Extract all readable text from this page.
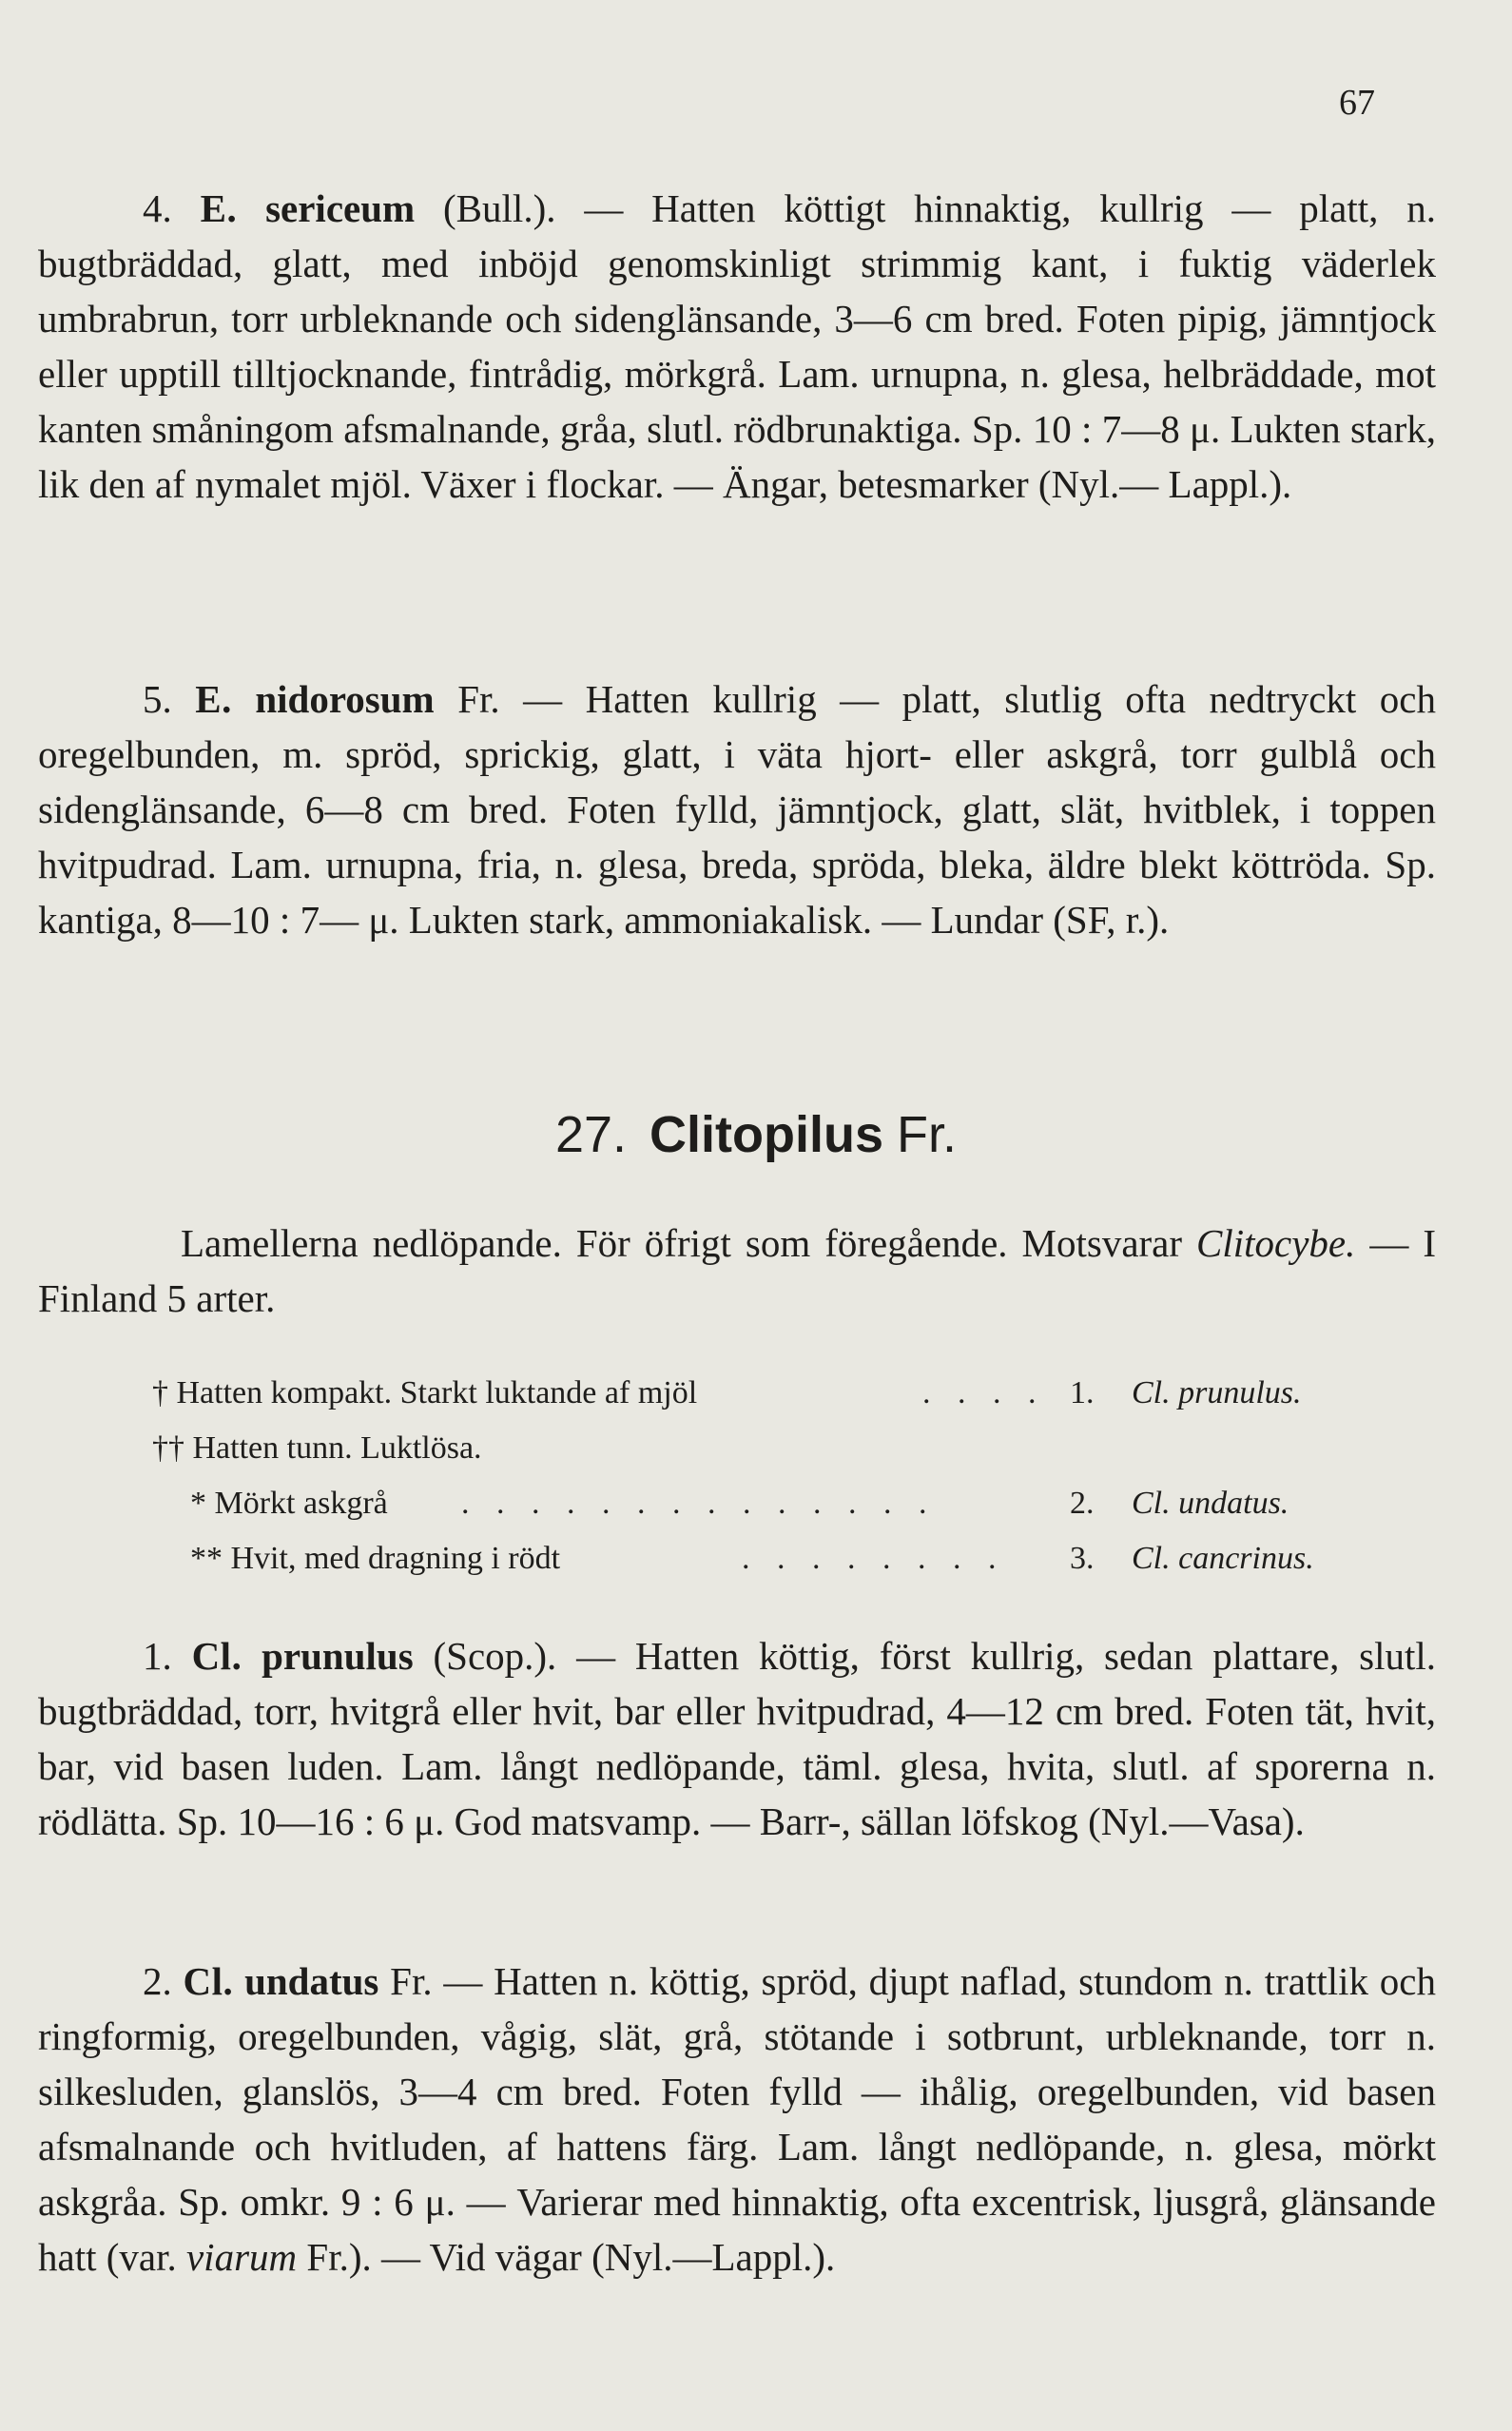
67
4. E. sericeum (Bull.). — Hatten köttigt hinnaktig, kullrig — platt, n. bugtbräddad, glatt, med inböjd genomskinligt strimmig kant, i fuktig väderlek umbrabrun, torr urbleknande och sidenglänsande, 3—6 cm bred. Foten pipig, jämntjock eller upptill tilltjocknande, fintrådig, mörkgrå. Lam. urnupna, n. glesa, helbräddade, mot kanten småningom afsmalnande, gråa, slutl. rödbrunaktiga. Sp. 10 : 7—8 μ. Lukten stark, lik den af nymalet mjöl. Växer i flockar. — Ängar, betesmarker (Nyl.— Lappl.).
5. E. nidorosum Fr. — Hatten kullrig — platt, slutlig ofta nedtryckt och oregelbunden, m. spröd, sprickig, glatt, i väta hjort- eller askgrå, torr gulblå och sidenglänsande, 6—8 cm bred. Foten fylld, jämntjock, glatt, slät, hvitblek, i toppen hvitpudrad. Lam. urnupna, fria, n. glesa, breda, spröda, bleka, äldre blekt köttröda. Sp. kantiga, 8—10 : 7— μ. Lukten stark, ammoniakalisk. — Lundar (SF, r.).
27. Clitopilus Fr.
Lamellerna nedlöpande. För öfrigt som föregående. Motsvarar Clitocybe. — I Finland 5 arter.
† Hatten kompakt. Starkt luktande af mjöl	. . . . 1. Cl. prunulus.
†† Hatten tunn. Luktlösa.
* Mörkt askgrå . . . . . . . . . . . . . .	2. Cl. undatus.
** Hvit, med dragning i rödt	. . . . . . . . 3. Cl. cancrinus.
1. Cl. prunulus (Scop.). — Hatten köttig, först kullrig, sedan plattare, slutl. bugtbräddad, torr, hvitgrå eller hvit, bar eller hvitpudrad, 4—12 cm bred. Foten tät, hvit, bar, vid basen luden. Lam. långt nedlöpande, täml. glesa, hvita, slutl. af sporerna n. rödlätta. Sp. 10—16 : 6 μ. God matsvamp. — Barr-, sällan löfskog (Nyl.—Vasa).
2. Cl. undatus Fr. — Hatten n. köttig, spröd, djupt naflad, stundom n. trattlik och ringformig, oregelbunden, vågig, slät, grå, stötande i sotbrunt, urbleknande, torr n. silkesluden, glanslös, 3—4 cm bred. Foten fylld — ihålig, oregelbunden, vid basen afsmalnande och hvitluden, af hattens färg. Lam. långt nedlöpande, n. glesa, mörkt askgråa. Sp. omkr. 9 : 6 μ. — Varierar med hinnaktig, ofta excentrisk, ljusgrå, glänsande hatt (var. viarum Fr.). — Vid vägar (Nyl.—Lappl.).
